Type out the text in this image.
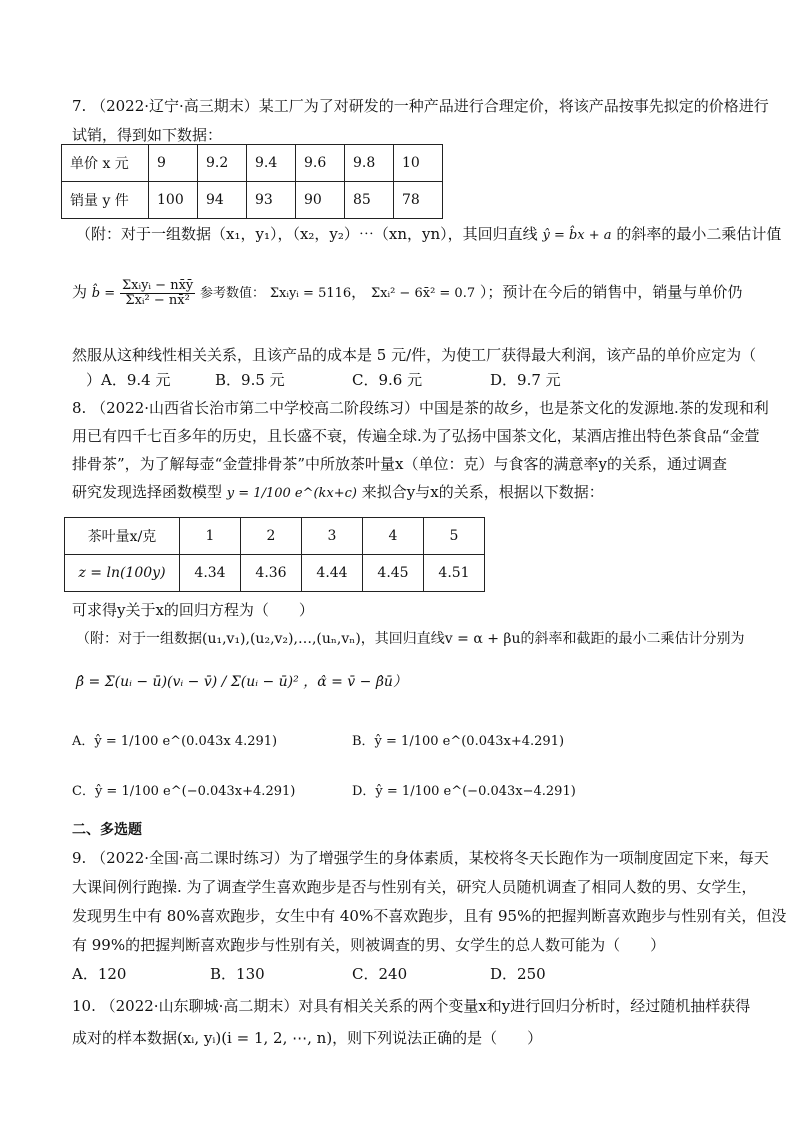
7. （2022·辽宁·高三期末）某工厂为了对研发的一种产品进行合理定价，将该产品按事先拟定的价格进行
试销，得到如下数据：
单价 x 元	9	9.2	9.4	9.6	9.8	10
销量 y 件	100	94	93	90	85	78
（附：对于一组数据（x₁，y₁），（x₂，y₂）⋯（xn，yn），其回归直线 ŷ = b̂x + a 的斜率的最小二乘估计值
为 b̂ = $\frac{\text{Σxᵢyᵢ − nx̄ȳ}}{\text{Σxᵢ² − nx̄²}}$ 参考数值： Σxᵢyᵢ = 5116， Σxᵢ² − 6x̄² = 0.7 ）；预计在今后的销售中，销量与单价仍
然服从这种线性相关关系，且该产品的成本是 5 元/件，为使工厂获得最大利润，该产品的单价应定为（
）A．9.4 元	B．9.5 元	C．9.6 元	D．9.7 元
8. （2022·山西省长治市第二中学校高二阶段练习）中国是茶的故乡，也是茶文化的发源地.茶的发现和利
用已有四千七百多年的历史，且长盛不衰，传遍全球.为了弘扬中国茶文化，某酒店推出特色茶食品“金萱
排骨茶”，为了解每壶“金萱排骨茶”中所放茶叶量x（单位：克）与食客的满意率y的关系，通过调查
研究发现选择函数模型 y = 1/100 e^(kx+c) 来拟合y与x的关系，根据以下数据：
茶叶量x/克	1	2	3	4	5
z = ln(100y)	4.34	4.36	4.44	4.45	4.51
可求得y关于x的回归方程为（　　）
（附：对于一组数据(u₁,v₁),(u₂,v₂),…,(uₙ,vₙ)，其回归直线v = α + βu的斜率和截距的最小二乘估计分别为
β̂ = Σ(uᵢ − ū)(vᵢ − v̄) / Σ(uᵢ − ū)² ，α̂ = v̄ − β̂ū）
A．ŷ = 1/100 e^(0.043x 4.291)	B．ŷ = 1/100 e^(0.043x+4.291)
C．ŷ = 1/100 e^(−0.043x+4.291)	D．ŷ = 1/100 e^(−0.043x−4.291)
二、多选题
9. （2022·全国·高二课时练习）为了增强学生的身体素质，某校将冬天长跑作为一项制度固定下来，每天
大课间例行跑操. 为了调查学生喜欢跑步是否与性别有关，研究人员随机调查了相同人数的男、女学生，
发现男生中有 80%喜欢跑步，女生中有 40%不喜欢跑步，且有 95%的把握判断喜欢跑步与性别有关，但没
有 99%的把握判断喜欢跑步与性别有关，则被调查的男、女学生的总人数可能为（　　）
A．120	B．130	C．240	D．250
10. （2022·山东聊城·高二期末）对具有相关关系的两个变量x和y进行回归分析时，经过随机抽样获得
成对的样本数据(xᵢ, yᵢ)(i = 1, 2, ⋯, n)，则下列说法正确的是（　　）
